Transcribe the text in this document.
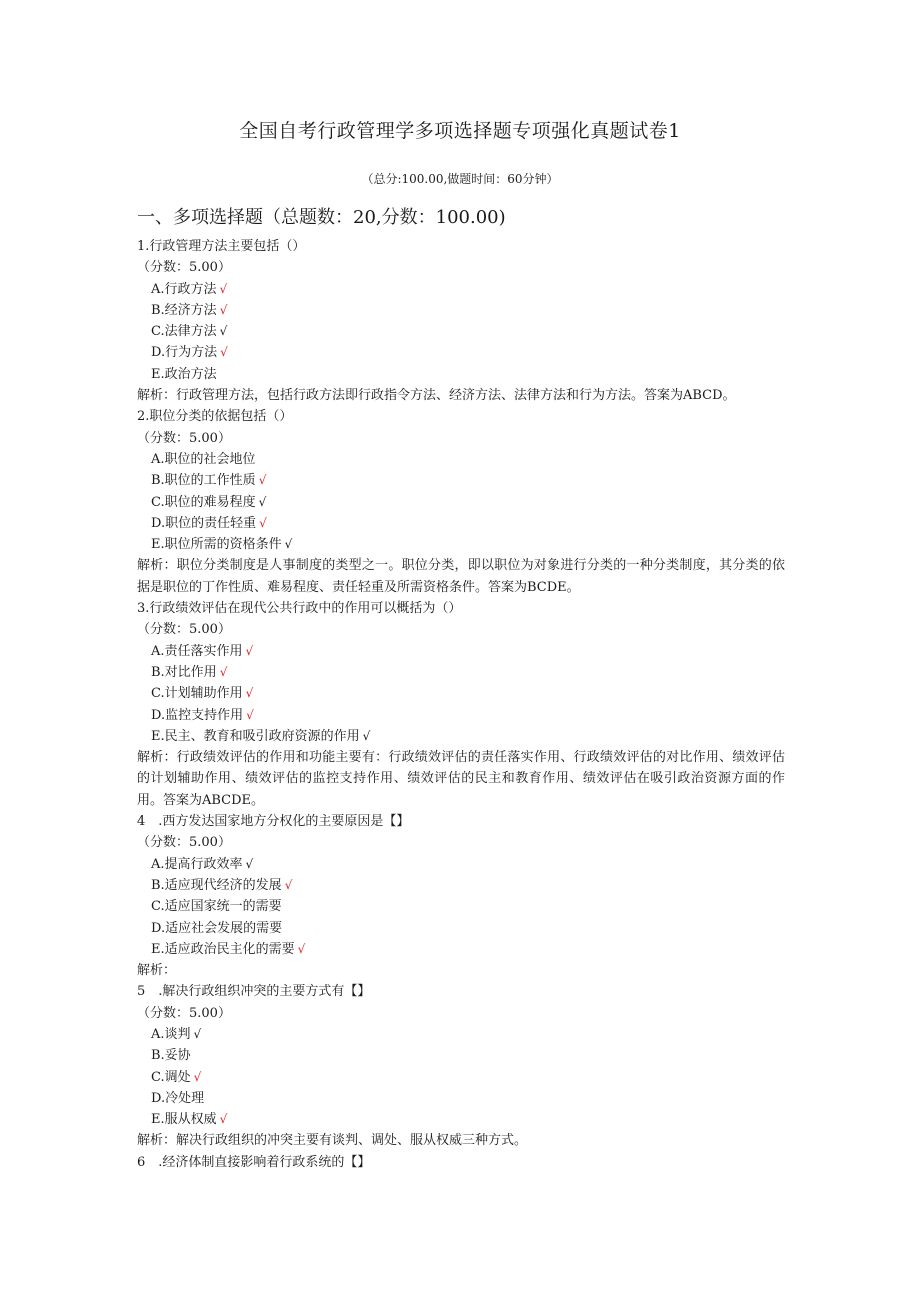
全国自考行政管理学多项选择题专项强化真题试卷1
（总分:100.00,做题时间：60分钟）
一、多项选择题（总题数：20,分数：100.00)
1.行政管理方法主要包括（）
（分数：5.00）
A.行政方法 √
B.经济方法 √
C.法律方法 √
D.行为方法 √
E.政治方法
解析：行政管理方法，包括行政方法即行政指令方法、经济方法、法律方法和行为方法。答案为ABCD。
2.职位分类的依据包括（）
（分数：5.00）
A.职位的社会地位
B.职位的工作性质 √
C.职位的难易程度 √
D.职位的责任轻重 √
E.职位所需的资格条件 √
解析：职位分类制度是人事制度的类型之一。职位分类，即以职位为对象进行分类的一种分类制度，其分类的依据是职位的丁作性质、难易程度、责任轻重及所需资格条件。答案为BCDE。
3.行政绩效评估在现代公共行政中的作用可以概括为（）
（分数：5.00）
A.责任落实作用 √
B.对比作用 √
C.计划辅助作用 √
D.监控支持作用 √
E.民主、教育和吸引政府资源的作用 √
解析：行政绩效评估的作用和功能主要有：行政绩效评估的责任落实作用、行政绩效评估的对比作用、绩效评估的计划辅助作用、绩效评估的监控支持作用、绩效评估的民主和教育作用、绩效评估在吸引政治资源方面的作用。答案为ABCDE。
4　.西方发达国家地方分权化的主要原因是【】
（分数：5.00）
A.提高行政效率 √
B.适应现代经济的发展 √
C.适应国家统一的需要
D.适应社会发展的需要
E.适应政治民主化的需要 √
解析：
5　.解决行政组织冲突的主要方式有【】
（分数：5.00）
A.谈判 √
B.妥协
C.调处 √
D.冷处理
E.服从权威 √
解析：解决行政组织的冲突主要有谈判、调处、服从权威三种方式。
6　.经济体制直接影响着行政系统的【】
